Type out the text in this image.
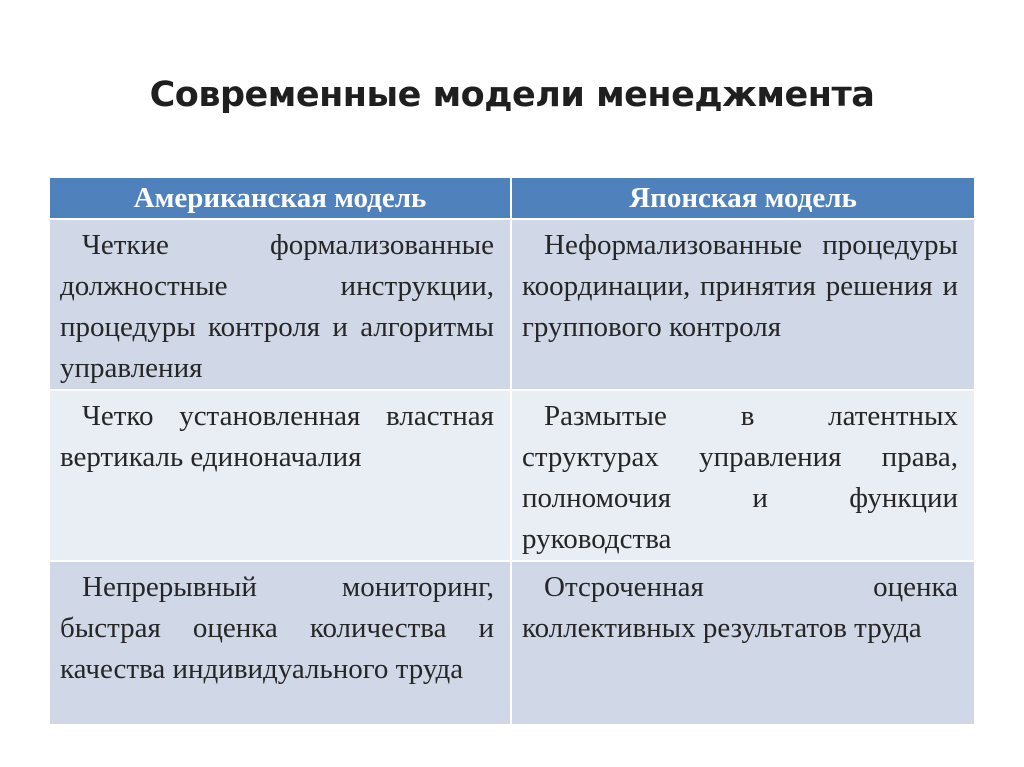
Современные модели менеджмента
Американская модель	Японская модель

Четкие формализованные должностные инструкции, процедуры контроля и алгоритмы управления	Неформализованные процедуры координации, принятия решения и группового контроля

Четко установленная властная вертикаль единоначалия	Размытые в латентных структурах управления права, полномочия и функции руководства

Непрерывный мониторинг, быстрая оценка количества и качества индивидуального труда	Отсроченная оценка коллективных результатов труда
